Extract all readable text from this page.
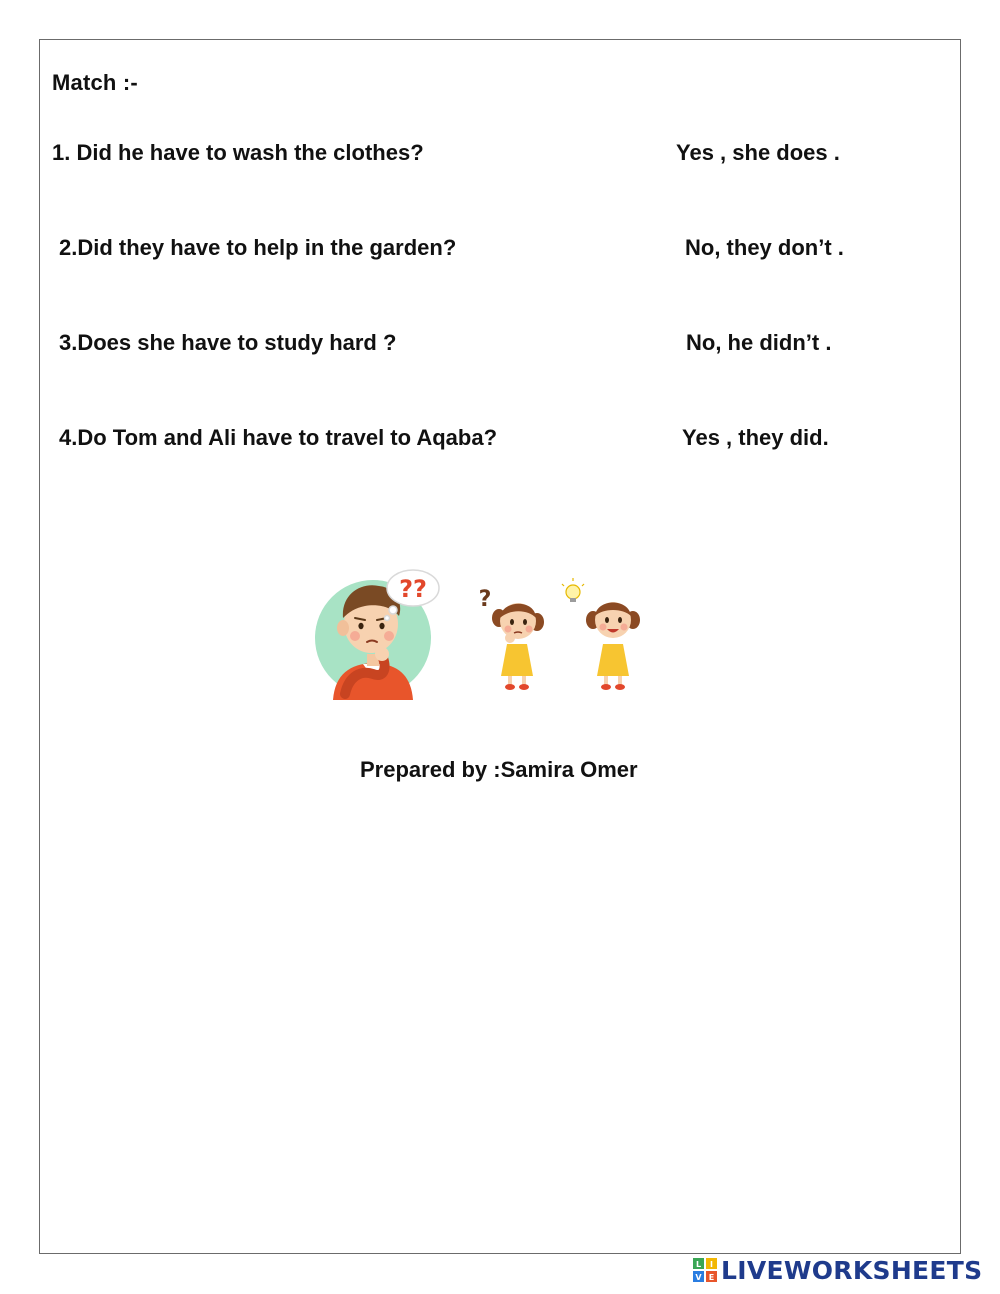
Match :-
1. Did he have to wash the clothes?
2.Did they have to help in the garden?
3.Does she have to study hard ?
4.Do Tom and Ali have to travel to Aqaba?
Yes , she does .
No, they don’t .
No, he didn’t .
Yes , they did.
?? ?
Prepared by :Samira Omer
L I
V E LIVEWORKSHEETS
